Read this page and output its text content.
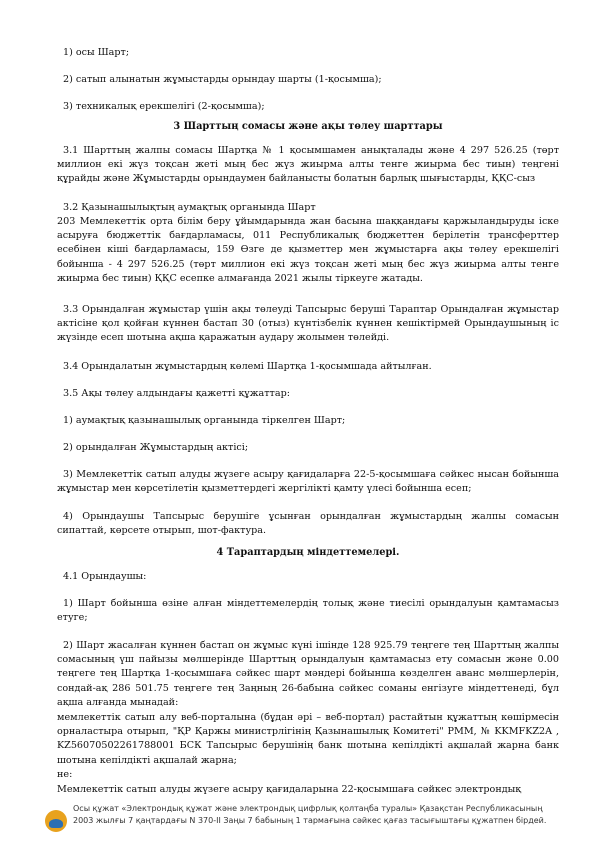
1) осы Шарт;

2) сатып алынатын жұмыстарды орындау шарты (1-қосымша);

3) техникалық ерекшелігі (2-қосымша);

3 Шарттың сомасы және ақы төлеу шарттары

3.1 Шарттың жалпы сомасы Шартқа № 1 қосымшамен анықталады және 4 297 526.25 (төрт миллион екі жүз тоқсан жеті мың бес жүз жиырма алты тенге жиырма бес тиын) теңгені құрайды және Жұмыстарды орындаумен байланысты болатын барлық шығыстарды, ҚҚС-сыз

3.2 Қазынашылықтың аумақтық органында Шарт

203 Мемлекеттік орта білім беру ұйымдарында жан басына шаққандағы қаржыландыруды іске асыруға бюджеттік бағдарламасы, 011 Республикалық бюджеттен берілетін трансферттер есебінен кіші бағдарламасы, 159 Өзге де қызметтер мен жұмыстарға ақы төлеу ерекшелігі бойынша - 4 297 526.25 (төрт миллион екі жүз тоқсан жеті мың бес жүз жиырма алты тенге жиырма бес тиын) ҚҚС есепке алмағанда 2021 жылы тіркеуге жатады.

3.3 Орындалған жұмыстар үшін ақы төлеуді Тапсырыс беруші Тараптар Орындалған жұмыстар актісіне қол қойған күннен бастап 30 (отыз) күнтізбелік күннен кешіктірмей Орындаушының іс жүзінде есеп шотына ақша қаражатын аудару жолымен төлейді.

3.4 Орындалатын жұмыстардың көлемі Шартқа 1-қосымшада айтылған.

3.5 Ақы төлеу алдындағы қажетті құжаттар:

1) аумақтық қазынашылық органында тіркелген Шарт;

2) орындалған Жұмыстардың актісі;

3) Мемлекеттік сатып алуды жүзеге асыру қағидаларға 22-5-қосымшаға сәйкес нысан бойынша жұмыстар мен көрсетілетін қызметтердегі жергілікті қамту үлесі бойынша есеп;

4) Орындаушы Тапсырыс берушіге ұсынған орындалған жұмыстардың жалпы сомасын сипаттай, көрсете отырып, шот-фактура.

4 Тараптардың міндеттемелері.

4.1 Орындаушы:

1) Шарт бойынша өзіне алған міндеттемелердің толық және тиесілі орындалуын қамтамасыз етуге;

2) Шарт жасалған күннен бастап он жұмыс күні ішінде 128 925.79 теңгеге тең Шарттың жалпы сомасының үш пайызы мөлшерінде Шарттың орындалуын қамтамасыз ету сомасын және 0.00 теңгеге тең Шартқа 1-қосымшаға сәйкес шарт мәндері бойынша көзделген аванс мөлшерлерін, сондай-ақ 286 501.75 теңгеге тең Заңның 26-бабына сәйкес соманы енгізуге міндеттенеді, бұл ақша алғанда мынадай:

мемлекеттік сатып алу веб-порталына (бұдан әрі – веб-портал) растайтын құжаттың көшірмесін орналастыра отырып, "ҚР Қаржы министрлігінің Қазынашылық Комитеті" РММ, № KKMFKZ2A , KZ56070502261788001 БСК Тапсырыс берушінің банк шотына кепілдікті ақшалай жарна банк шотына кепілдікті ақшалай жарна;

не:

Мемлекеттік сатып алуды жүзеге асыру қағидаларына 22-қосымшаға сәйкес электрондық
Осы құжат «Электрондық құжат және электрондық цифрлық қолтаңба туралы» Қазақстан Республикасының 2003 жылғы 7 қаңтардағы N 370-II Заңы 7 бабының 1 тармағына сәйкес қағаз тасығыштағы құжатпен бірдей.
